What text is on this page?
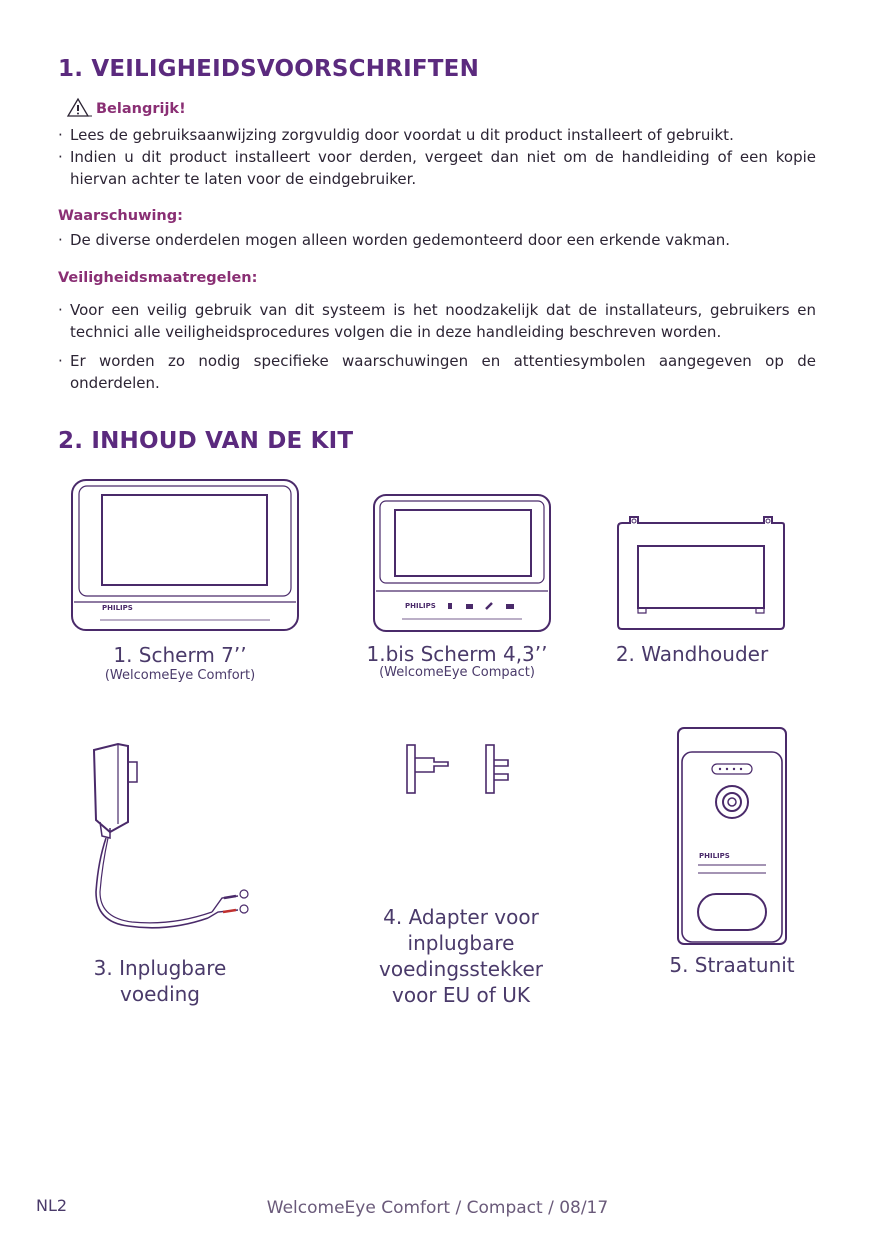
1. VEILIGHEIDSVOORSCHRIFTEN
Belangrijk!
· Lees de gebruiksaanwijzing zorgvuldig door voordat u dit product installeert of gebruikt.
· Indien u dit product installeert voor derden, vergeet dan niet om de handleiding of een kopie hiervan achter te laten voor de eindgebruiker.
Waarschuwing:
· De diverse onderdelen mogen alleen worden gedemonteerd door een erkende vakman.
Veiligheidsmaatregelen:
· Voor een veilig gebruik van dit systeem is het noodzakelijk dat de installateurs, gebruikers en technici alle veiligheidsprocedures volgen die in deze handleiding beschreven worden.
· Er worden zo nodig specifieke waarschuwingen en attentiesymbolen aangegeven op de onderdelen.
2. INHOUD VAN DE KIT
PHILIPS
1. Scherm 7’’
(WelcomeEye Comfort)
PHILIPS
1.bis Scherm 4,3’’
(WelcomeEye Compact)
2. Wandhouder
3. Inplugbare
voeding
4. Adapter voor
inplugbare
voedingsstekker
voor EU of UK
PHILIPS
5. Straatunit
NL2	WelcomeEye Comfort / Compact / 08/17
